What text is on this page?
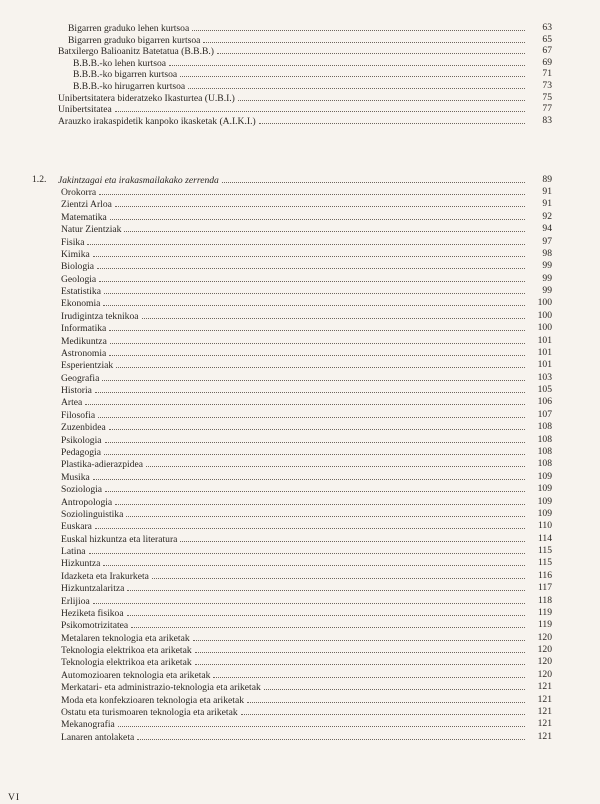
Bigarren graduko lehen kurtsoa	63
Bigarren graduko bigarren kurtsoa	65
Batxilergo Balioanitz Batetatua (B.B.B.)	67
B.B.B.-ko lehen kurtsoa	69
B.B.B.-ko bigarren kurtsoa	71
B.B.B.-ko hirugarren kurtsoa	73
Unibertsitatera bideratzeko Ikasturtea (U.B.I.)	75
Unibertsitatea	77
Arauzko irakaspidetik kanpoko ikasketak (A.I.K.I.)	83
1.2.	Jakintzagai eta irakasmailakako zerrenda	89
Orokorra	91
Zientzi Arloa	91
Matematika	92
Natur Zientziak	94
Fisika	97
Kimika	98
Biologia	99
Geologia	99
Estatistika	99
Ekonomia	100
Irudigintza teknikoa	100
Informatika	100
Medikuntza	101
Astronomia	101
Esperientziak	101
Geografia	103
Historia	105
Artea	106
Filosofia	107
Zuzenbidea	108
Psikologia	108
Pedagogia	108
Plastika-adierazpidea	108
Musika	109
Soziologia	109
Antropologia	109
Soziolinguistika	109
Euskara	110
Euskal hizkuntza eta literatura	114
Latina	115
Hizkuntza	115
Idazketa eta Irakurketa	116
Hizkuntzalaritza	117
Erlijioa	118
Heziketa fisikoa	119
Psikomotrizitatea	119
Metalaren teknologia eta ariketak	120
Teknologia elektrikoa eta ariketak	120
Teknologia elektrikoa eta ariketak	120
Automozioaren teknologia eta ariketak	120
Merkatari- eta administrazio-teknologia eta ariketak	121
Moda eta konfekzioaren teknologia eta ariketak	121
Ostatu eta turismoaren teknologia eta ariketak	121
Mekanografia	121
Lanaren antolaketa	121
VI
